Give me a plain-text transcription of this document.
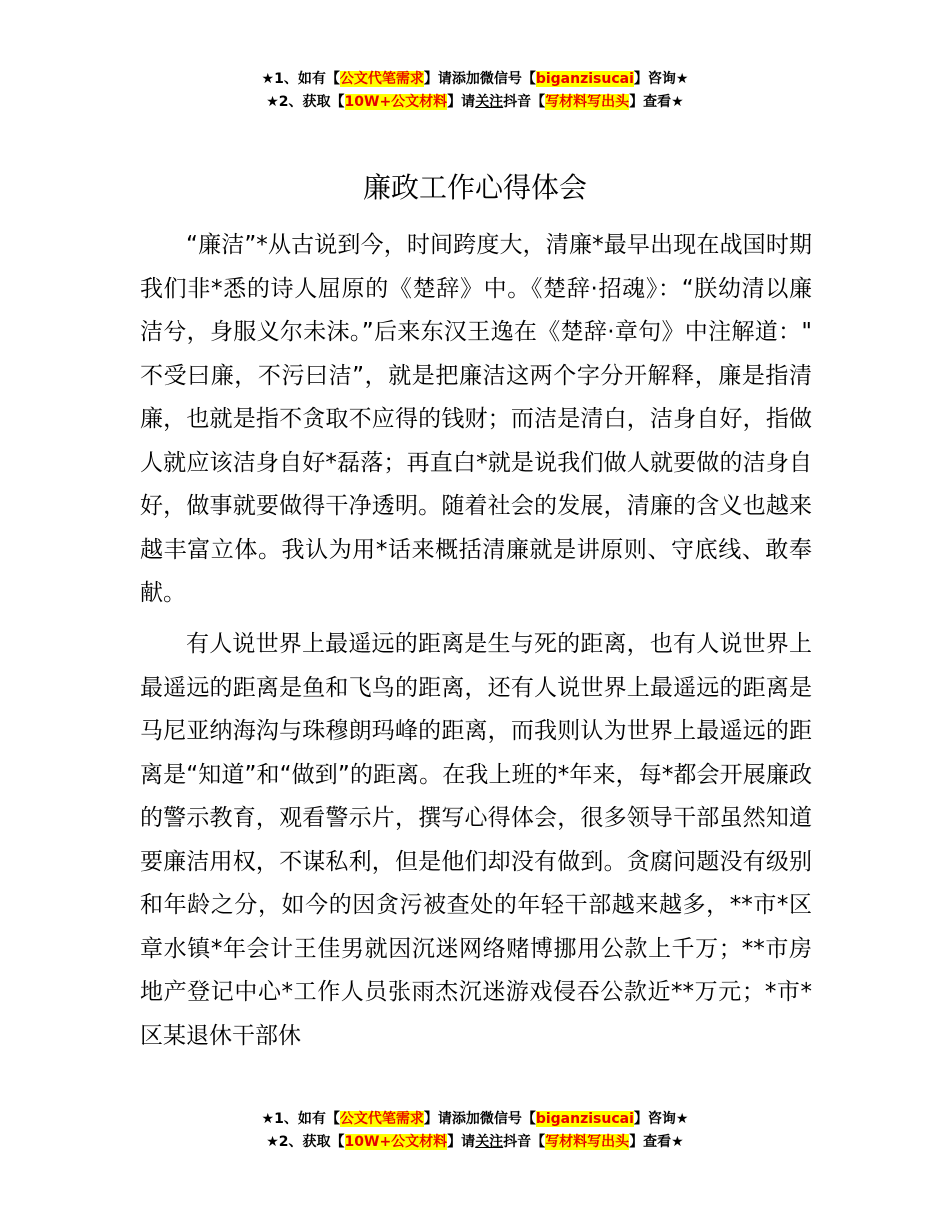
★1、如有【公文代笔需求】请添加微信号【biganzisucai】咨询★
★2、获取【10W+公文材料】请关注抖音【写材料写出头】查看★
廉政工作心得体会

“廉洁”*从古说到今，时间跨度大，清廉*最早出现在战国时期我们非*悉的诗人屈原的《楚辞》中。《楚辞·招魂》：“朕幼清以廉洁兮，身服义尔未沫。”后来东汉王逸在《楚辞·章句》中注解道：" 不受曰廉，不污曰洁”，就是把廉洁这两个字分开解释，廉是指清廉，也就是指不贪取不应得的钱财；而洁是清白，洁身自好，指做人就应该洁身自好*磊落；再直白*就是说我们做人就要做的洁身自好，做事就要做得干净透明。随着社会的发展，清廉的含义也越来越丰富立体。我认为用*话来概括清廉就是讲原则、守底线、敢奉献。

有人说世界上最遥远的距离是生与死的距离，也有人说世界上最遥远的距离是鱼和飞鸟的距离，还有人说世界上最遥远的距离是马尼亚纳海沟与珠穆朗玛峰的距离，而我则认为世界上最遥远的距离是“知道”和“做到”的距离。在我上班的*年来，每*都会开展廉政的警示教育，观看警示片，撰写心得体会，很多领导干部虽然知道要廉洁用权，不谋私利，但是他们却没有做到。贪腐问题没有级别和年龄之分，如今的因贪污被查处的年轻干部越来越多，**市*区章水镇*年会计王佳男就因沉迷网络赌博挪用公款上千万；**市房地产登记中心*工作人员张雨杰沉迷游戏侵吞公款近**万元；*市*区某退休干部休

★1、如有【公文代笔需求】请添加微信号【biganzisucai】咨询★
★2、获取【10W+公文材料】请关注抖音【写材料写出头】查看★
